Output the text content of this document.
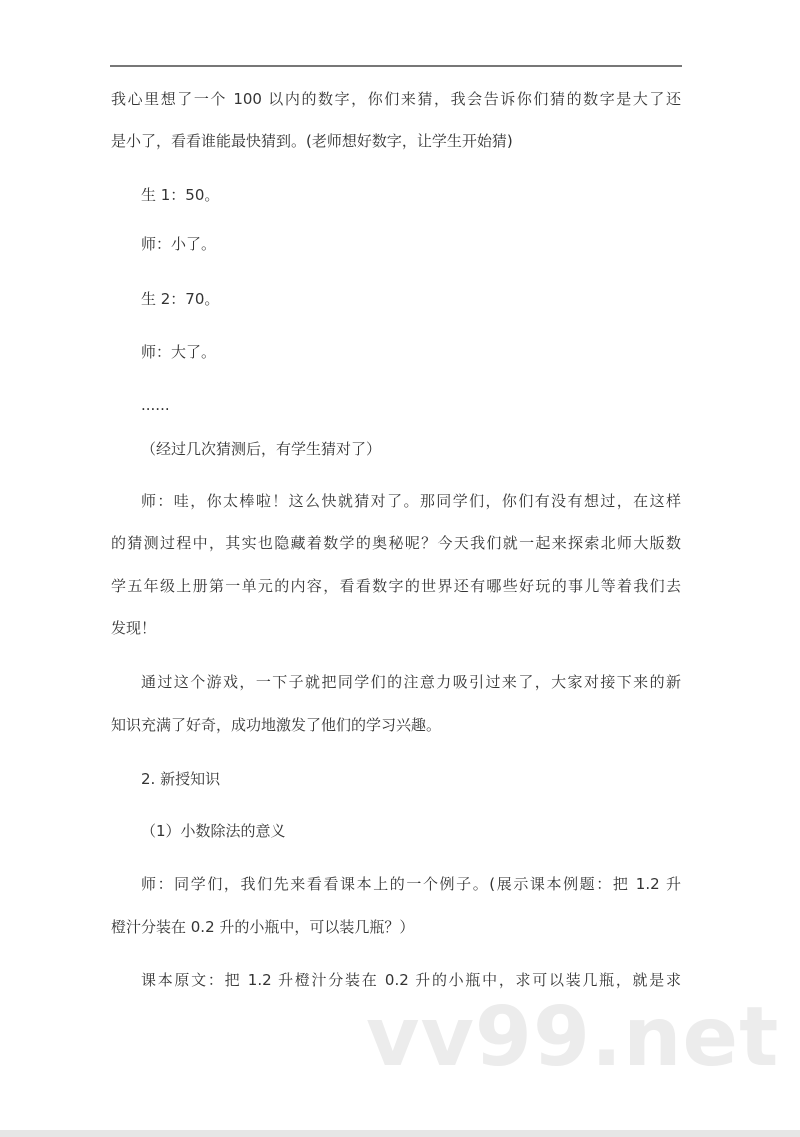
我心里想了一个 100 以内的数字，你们来猜，我会告诉你们猜的数字是大了还
是小了，看看谁能最快猜到。(老师想好数字，让学生开始猜)
生 1：50。
师：小了。
生 2：70。
师：大了。
......
（经过几次猜测后，有学生猜对了）
师：哇，你太棒啦！这么快就猜对了。那同学们，你们有没有想过，在这样
的猜测过程中，其实也隐藏着数学的奥秘呢？今天我们就一起来探索北师大版数
学五年级上册第一单元的内容，看看数字的世界还有哪些好玩的事儿等着我们去
发现！
通过这个游戏，一下子就把同学们的注意力吸引过来了，大家对接下来的新
知识充满了好奇，成功地激发了他们的学习兴趣。
2. 新授知识
（1）小数除法的意义
师：同学们，我们先来看看课本上的一个例子。(展示课本例题：把 1.2 升
橙汁分装在 0.2 升的小瓶中，可以装几瓶？）
课本原文：把 1.2 升橙汁分装在 0.2 升的小瓶中，求可以装几瓶，就是求
vv99.net
